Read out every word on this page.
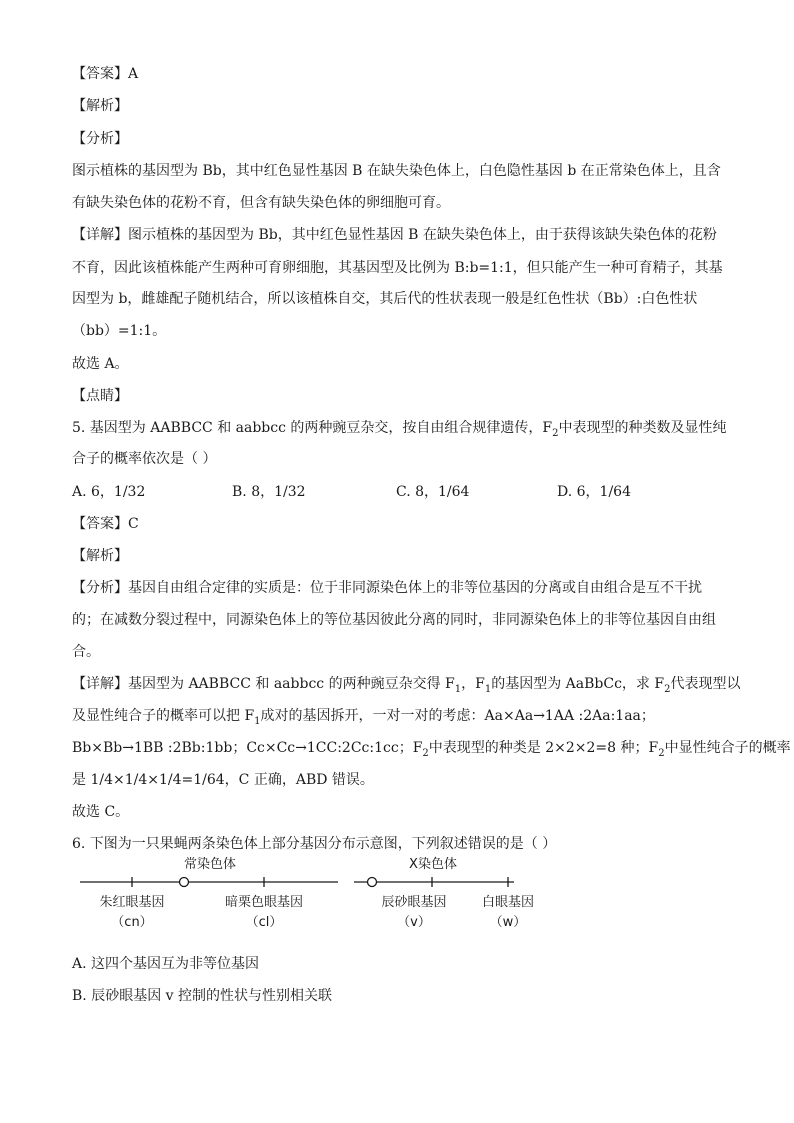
【答案】A
【解析】
【分析】
图示植株的基因型为 Bb，其中红色显性基因 B 在缺失染色体上，白色隐性基因 b 在正常染色体上，且含
有缺失染色体的花粉不育，但含有缺失染色体的卵细胞可育。
【详解】图示植株的基因型为 Bb，其中红色显性基因 B 在缺失染色体上，由于获得该缺失染色体的花粉
不育，因此该植株能产生两种可育卵细胞，其基因型及比例为 B:b=1:1，但只能产生一种可育精子，其基
因型为 b，雌雄配子随机结合，所以该植株自交，其后代的性状表现一般是红色性状（Bb）:白色性状
（bb）=1:1。
故选 A。
【点睛】
5. 基因型为 AABBCC 和 aabbcc 的两种豌豆杂交，按自由组合规律遗传，$F_2$中表现型的种类数及显性纯
合子的概率依次是（ ）
A. 6，1/32	B. 8，1/32	C. 8，1/64	D. 6，1/64
【答案】C
【解析】
【分析】基因自由组合定律的实质是：位于非同源染色体上的非等位基因的分离或自由组合是互不干扰
的；在减数分裂过程中，同源染色体上的等位基因彼此分离的同时，非同源染色体上的非等位基因自由组
合。
【详解】基因型为 AABBCC 和 aabbcc 的两种豌豆杂交得 $F_1$，$F_1$的基因型为 AaBbCc，求 $F_2$代表现型以
及显性纯合子的概率可以把 $F_1$成对的基因拆开，一对一对的考虑：Aa×Aa→1AA :2Aa:1aa；
Bb×Bb→1BB :2Bb:1bb；Cc×Cc→1CC:2Cc:1cc；$F_2$中表现型的种类是 2×2×2=8 种；$F_2$中显性纯合子的概率
是 1/4×1/4×1/4=1/64，C 正确，ABD 错误。
故选 C。
6. 下图为一只果蝇两条染色体上部分基因分布示意图，下列叙述错误的是（ ）
常染色体
朱红眼基因
（cn）
暗栗色眼基因
（cl）
X染色体
辰砂眼基因
（v）
白眼基因
（w）
A. 这四个基因互为非等位基因
B. 辰砂眼基因 v 控制的性状与性别相关联
